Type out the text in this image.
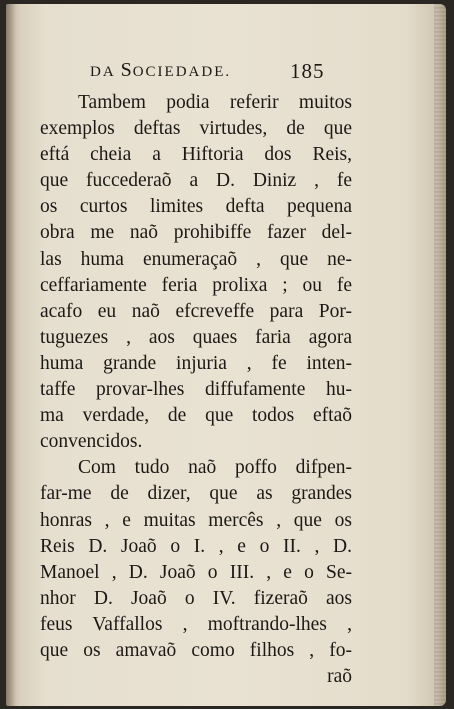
DA SOCIEDADE.	185
Tambem podia referir muitos
exemplos deftas virtudes, de que
eftá cheia a Hiftoria dos Reis,
que fuccederaõ a D. Diniz , fe
os curtos limites defta pequena
obra me naõ prohibiffe fazer del-
las huma enumeraçaõ , que ne-
ceffariamente feria prolixa ; ou fe
acafo eu naõ efcreveffe para Por-
tuguezes , aos quaes faria agora
huma grande injuria , fe inten-
taffe provar-lhes diffufamente hu-
ma verdade, de que todos eftaõ
convencidos.
Com tudo naõ poffo difpen-
far-me de dizer, que as grandes
honras , e muitas mercês , que os
Reis D. Joaõ o I. , e o II. , D.
Manoel , D. Joaõ o III. , e o Se-
nhor D. Joaõ o IV. fizeraõ aos
feus Vaffallos , moftrando-lhes ,
que os amavaõ como filhos , fo-
raõ
